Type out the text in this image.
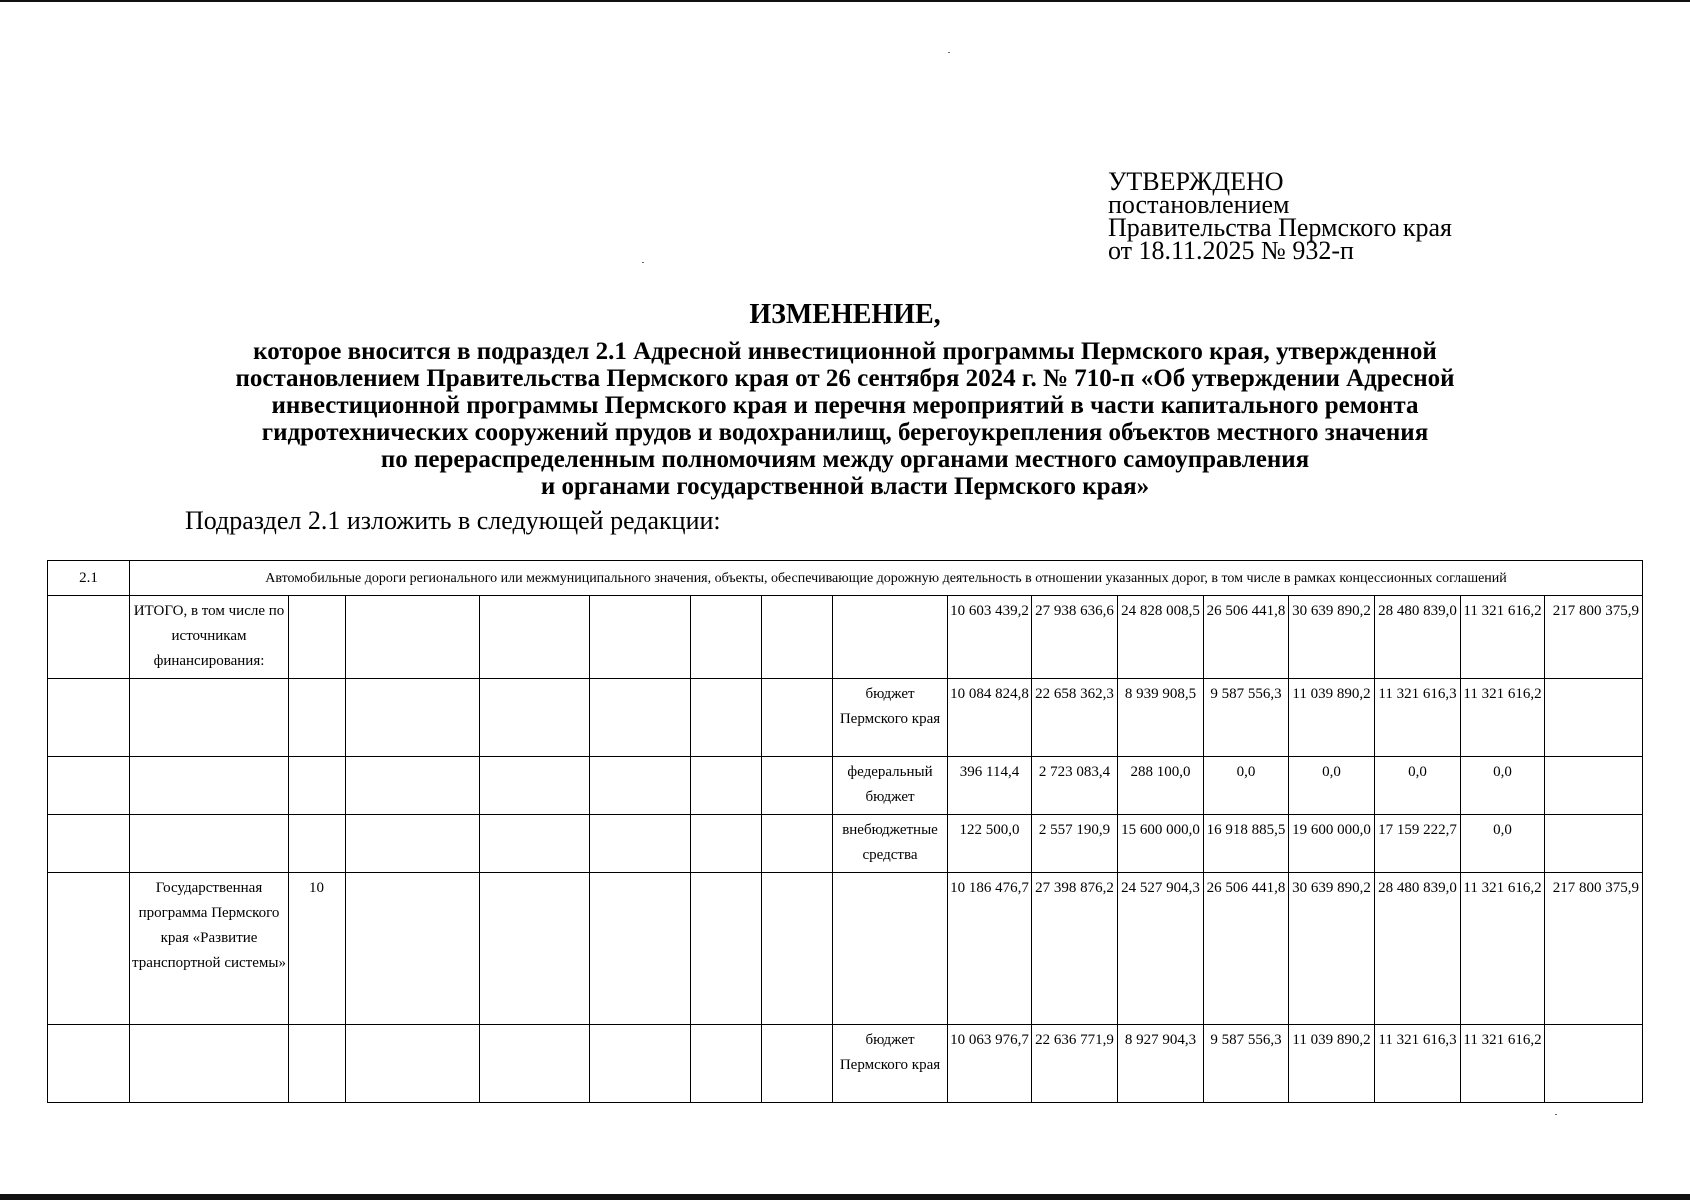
УТВЕРЖДЕНО
постановлением
Правительства Пермского края
от 18.11.2025 № 932-п
ИЗМЕНЕНИЕ,
которое вносится в подраздел 2.1 Адресной инвестиционной программы Пермского края, утвержденной
постановлением Правительства Пермского края от 26 сентября 2024 г. № 710-п «Об утверждении Адресной
инвестиционной программы Пермского края и перечня мероприятий в части капитального ремонта
гидротехнических сооружений прудов и водохранилищ, берегоукрепления объектов местного значения
по перераспределенным полномочиям между органами местного самоуправления
и органами государственной власти Пермского края»
Подраздел 2.1 изложить в следующей редакции:
2.1	Автомобильные дороги регионального или межмуниципального значения, объекты, обеспечивающие дорожную деятельность в отношении указанных дорог, в том числе в рамках концессионных соглашений															
	ИТОГО, в том числе по источникам финансирования:								10 603 439,2	27 938 636,6	24 828 008,5	26 506 441,8	30 639 890,2	28 480 839,0	11 321 616,2	217 800 375,9
								бюджет Пермского края	10 084 824,8	22 658 362,3	8 939 908,5	9 587 556,3	11 039 890,2	11 321 616,3	11 321 616,2	
								федеральный бюджет	396 114,4	2 723 083,4	288 100,0	0,0	0,0	0,0	0,0	
								внебюджетные средства	122 500,0	2 557 190,9	15 600 000,0	16 918 885,5	19 600 000,0	17 159 222,7	0,0	
	Государственная программа Пермского края «Развитие транспортной системы»	10							10 186 476,7	27 398 876,2	24 527 904,3	26 506 441,8	30 639 890,2	28 480 839,0	11 321 616,2	217 800 375,9
								бюджет Пермского края	10 063 976,7	22 636 771,9	8 927 904,3	9 587 556,3	11 039 890,2	11 321 616,3	11 321 616,2	
